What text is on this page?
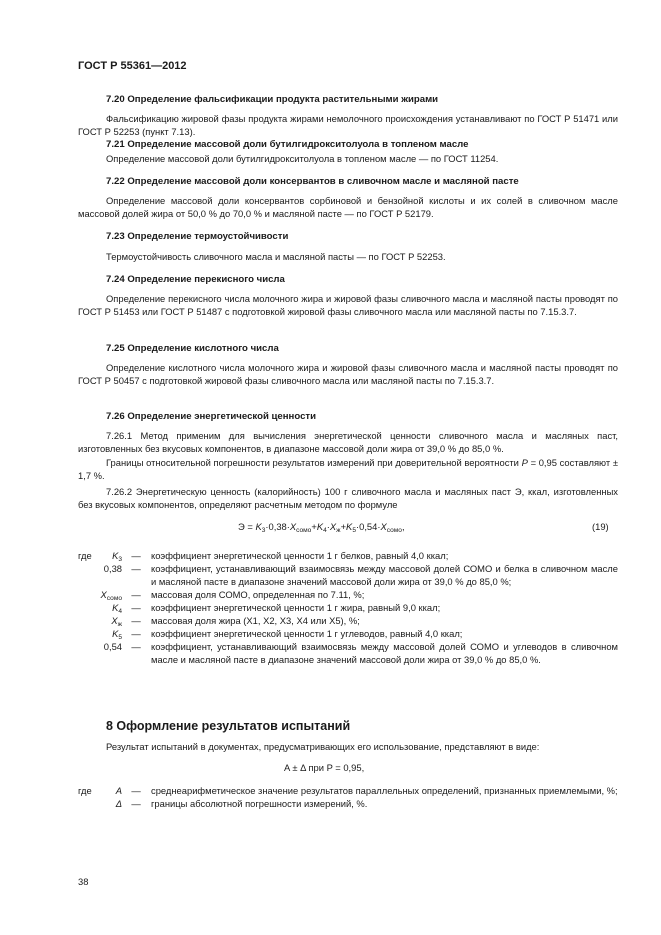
ГОСТ Р 55361—2012
7.20 Определение фальсификации продукта растительными жирами
Фальсификацию жировой фазы продукта жирами немолочного происхождения устанавливают по ГОСТ Р 51471 или ГОСТ Р 52253 (пункт 7.13).
7.21 Определение массовой доли бутилгидрокситолуола в топленом масле
Определение массовой доли бутилгидрокситолуола в топленом масле — по ГОСТ 11254.
7.22 Определение массовой доли консервантов в сливочном масле и масляной пасте
Определение массовой доли консервантов сорбиновой и бензойной кислоты и их солей в сливочном масле массовой долей жира от 50,0 % до 70,0 % и масляной пасте — по ГОСТ Р 52179.
7.23 Определение термоустойчивости
Термоустойчивость сливочного масла и масляной пасты — по ГОСТ Р 52253.
7.24 Определение перекисного числа
Определение перекисного числа молочного жира и жировой фазы сливочного масла и масляной пасты проводят по ГОСТ Р 51453 или ГОСТ Р 51487 с подготовкой жировой фазы сливочного масла или масляной пасты по 7.15.3.7.
7.25 Определение кислотного числа
Определение кислотного числа молочного жира и жировой фазы сливочного масла и масляной пасты проводят по ГОСТ Р 50457 с подготовкой жировой фазы сливочного масла или масляной пасты по 7.15.3.7.
7.26 Определение энергетической ценности
7.26.1 Метод применим для вычисления энергетической ценности сливочного масла и масляных паст, изготовленных без вкусовых компонентов, в диапазоне массовой доли жира от 39,0 % до 85,0 %.
Границы относительной погрешности результатов измерений при доверительной вероятности P = 0,95 составляют ± 1,7 %.
7.26.2 Энергетическую ценность (калорийность) 100 г сливочного масла и масляных паст Э, ккал, изготовленных без вкусовых компонентов, определяют расчетным методом по формуле
$Э = K_3\cdot 0,38\cdot X_{сомо}+K_4\cdot X_ж+K_5\cdot 0,54\cdot X_{сомо}$,	(19)
где	$K_3$ —	коэффициент энергетической ценности 1 г белков, равный 4,0 ккал;
0,38 —	коэффициент, устанавливающий взаимосвязь между массовой долей СОМО и белка в сливочном масле и масляной пасте в диапазоне значений массовой доли жира от 39,0 % до 85,0 %;
$X_{сомо}$ —	массовая доля СОМО, определенная по 7.11, %;
$K_4$ —	коэффициент энергетической ценности 1 г жира, равный 9,0 ккал;
$X_ж$ —	массовая доля жира (X1, X2, X3, X4 или X5), %;
$K_5$ —	коэффициент энергетической ценности 1 г углеводов, равный 4,0 ккал;
0,54 —	коэффициент, устанавливающий взаимосвязь между массовой долей СОМО и углеводов в сливочном масле и масляной пасте в диапазоне значений массовой доли жира от 39,0 % до 85,0 %.
8 Оформление результатов испытаний
Результат испытаний в документах, предусматривающих его использование, представляют в виде:
A ± Δ при P = 0,95,
где	A —	среднеарифметическое значение результатов параллельных определений, признанных приемлемыми, %;
Δ —	границы абсолютной погрешности измерений, %.
38
